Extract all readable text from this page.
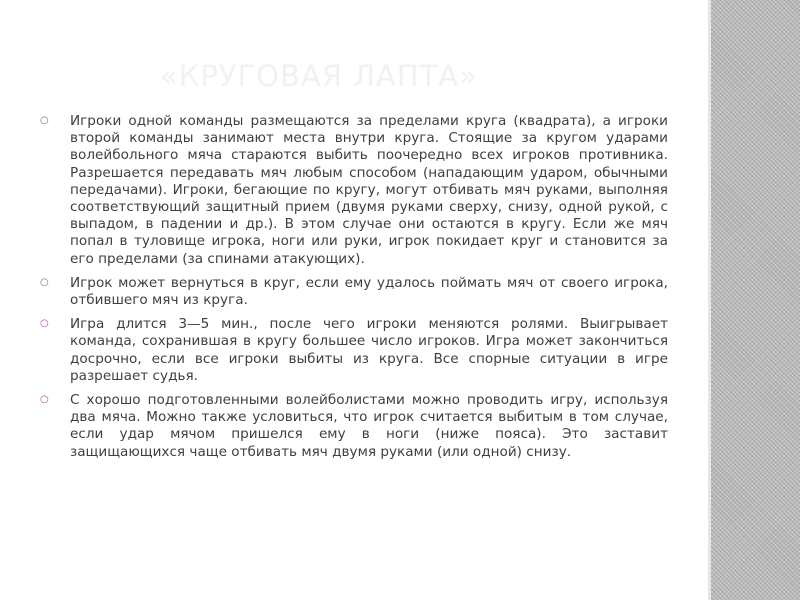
«КРУГОВАЯ ЛАПТА»
○ Игроки одной команды размещаются за пределами круга (квадрата), а игроки второй команды занимают места внутри круга. Стоящие за кругом ударами волейбольного мяча стараются выбить поочередно всех игроков противника. Разрешается передавать мяч любым способом (нападающим ударом, обычными передачами). Игроки, бегающие по кругу, могут отбивать мяч руками, выполняя соответствующий защитный прием (двумя руками сверху, снизу, одной рукой, с выпадом, в падении и др.). В этом случае они остаются в кругу. Если же мяч попал в туловище игрока, ноги или руки, игрок покидает круг и становится за его пределами (за спинами атакующих).
○ Игрок может вернуться в круг, если ему удалось поймать мяч от своего игрока, отбившего мяч из круга.
○ Игра длится 3—5 мин., после чего игроки меняются ролями. Выигрывает команда, сохранившая в кругу большее число игроков. Игра может закончиться досрочно, если все игроки выбиты из круга. Все спорные ситуации в игре разрешает судья.
○ С хорошо подготовленными волейболистами можно проводить игру, используя два мяча. Можно также условиться, что игрок считается выбитым в том случае, если удар мячом пришелся ему в ноги (ниже пояса). Это заставит защищающихся чаще отбивать мяч двумя руками (или одной) снизу.
